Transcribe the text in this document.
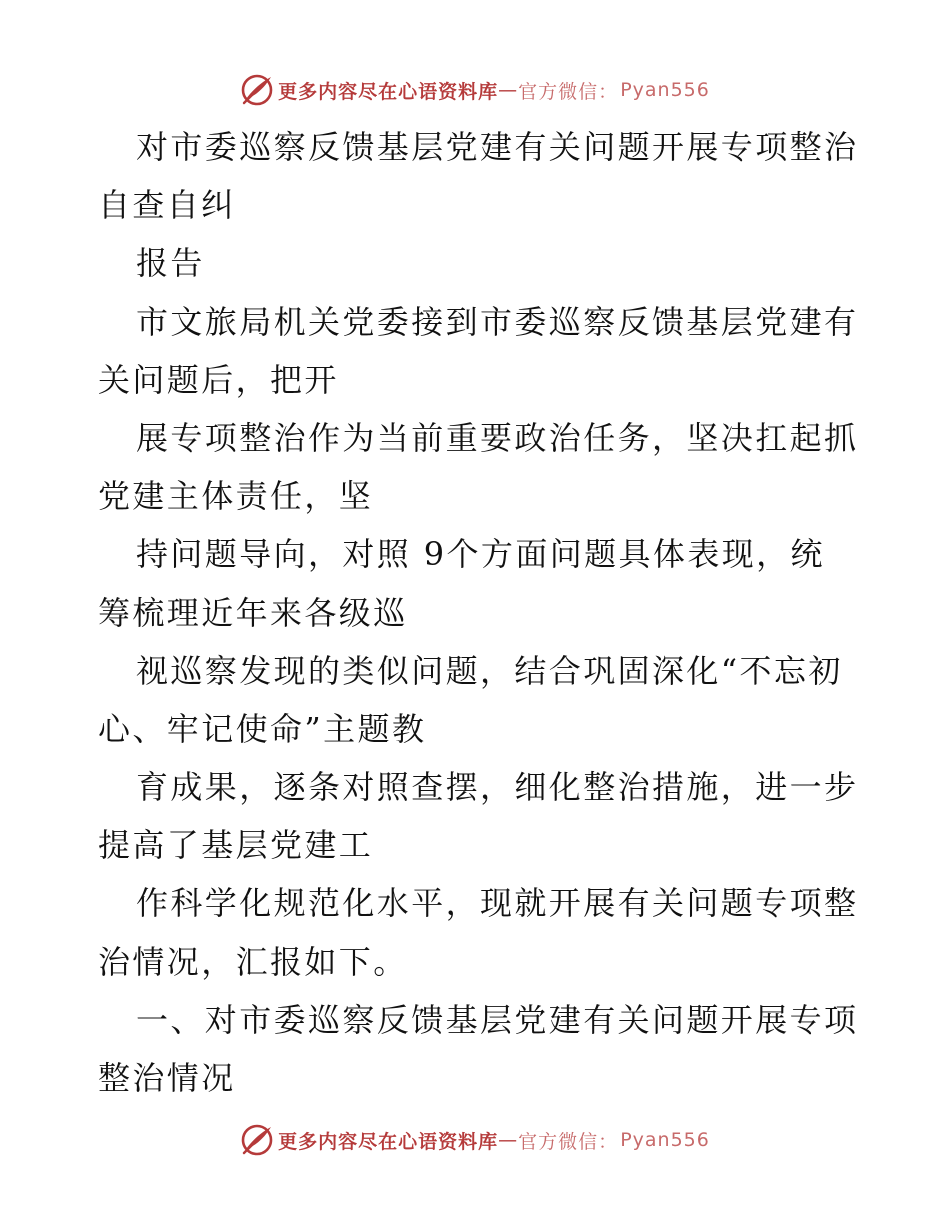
更多内容尽在心语资料库 — 官方微信： Pyan556
对市委巡察反馈基层党建有关问题开展专项整治
自查自纠
报告
市文旅局机关党委接到市委巡察反馈基层党建有
关问题后，把开
展专项整治作为当前重要政治任务，坚决扛起抓
党建主体责任，坚
持问题导向，对照 9个方面问题具体表现，统
筹梳理近年来各级巡
视巡察发现的类似问题，结合巩固深化“不忘初
心、牢记使命”主题教
育成果，逐条对照查摆，细化整治措施，进一步
提高了基层党建工
作科学化规范化水平，现就开展有关问题专项整
治情况，汇报如下。
一、对市委巡察反馈基层党建有关问题开展专项
整治情况
更多内容尽在心语资料库 — 官方微信： Pyan556
